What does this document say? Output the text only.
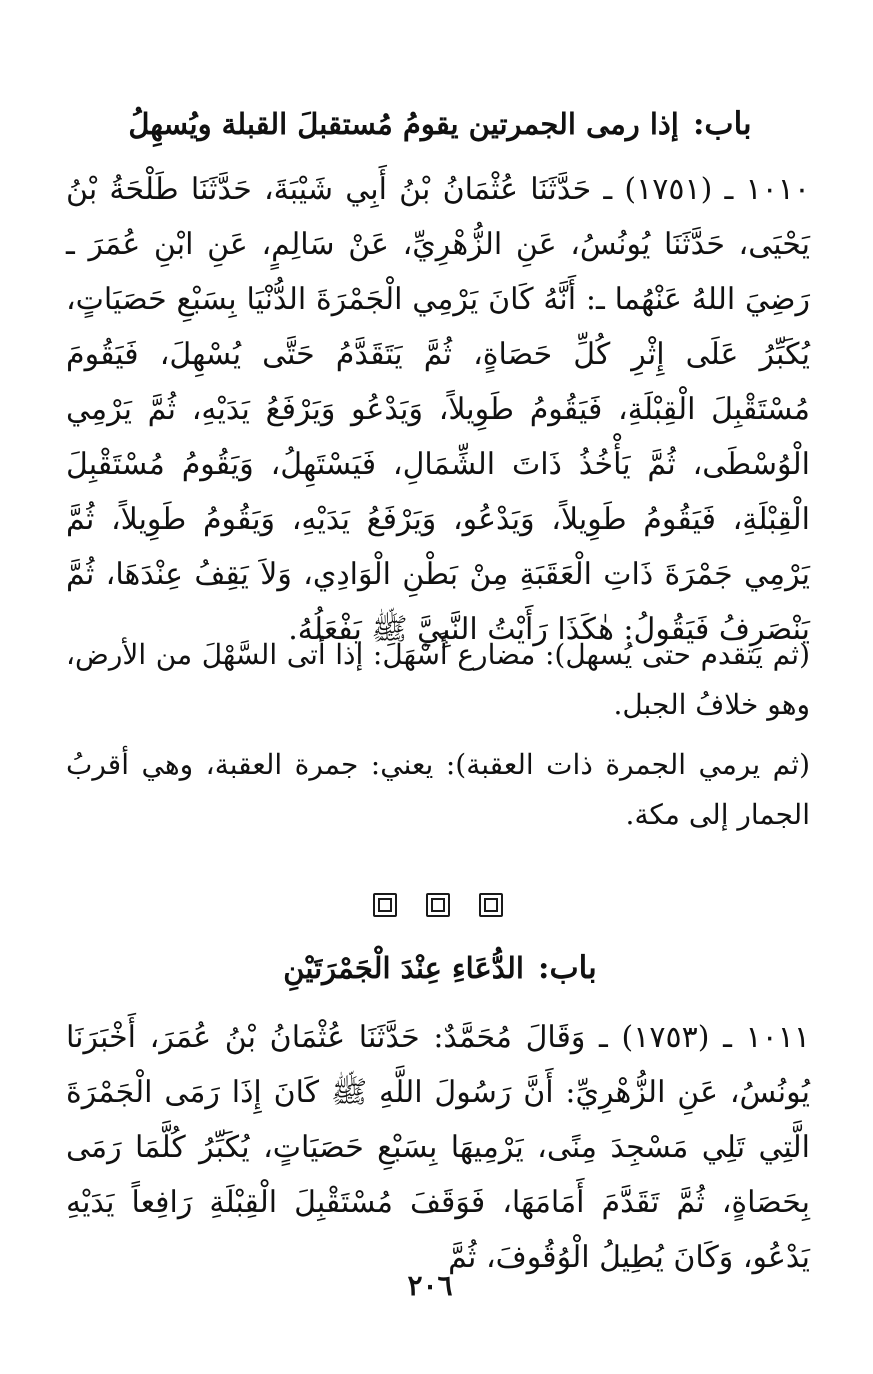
باب: إذا رمى الجمرتين يقومُ مُستقبلَ القبلة ويُسهِلُ

١٠١٠ ـ (١٧٥١) ـ حَدَّثَنَا عُثْمَانُ بْنُ أَبِي شَيْبَةَ، حَدَّثَنَا طَلْحَةُ بْنُ يَحْيَى، حَدَّثَنَا يُونُسُ، عَنِ الزُّهْرِيِّ، عَنْ سَالِمٍ، عَنِ ابْنِ عُمَرَ ـ رَضِيَ اللهُ عَنْهُما ـ: أَنَّهُ كَانَ يَرْمِي الْجَمْرَةَ الدُّنْيَا بِسَبْعِ حَصَيَاتٍ، يُكَبِّرُ عَلَى إِثْرِ كُلِّ حَصَاةٍ، ثُمَّ يَتَقَدَّمُ حَتَّى يُسْهِلَ، فَيَقُومَ مُسْتَقْبِلَ الْقِبْلَةِ، فَيَقُومُ طَوِيلاً، وَيَدْعُو وَيَرْفَعُ يَدَيْهِ، ثُمَّ يَرْمِي الْوُسْطَى، ثُمَّ يَأْخُذُ ذَاتَ الشِّمَالِ، فَيَسْتَهِلُ، وَيَقُومُ مُسْتَقْبِلَ الْقِبْلَةِ، فَيَقُومُ طَوِيلاً، وَيَدْعُو، وَيَرْفَعُ يَدَيْهِ، وَيَقُومُ طَوِيلاً، ثُمَّ يَرْمِي جَمْرَةَ ذَاتِ الْعَقَبَةِ مِنْ بَطْنِ الْوَادِي، وَلاَ يَقِفُ عِنْدَهَا، ثُمَّ يَنْصَرِفُ فَيَقُولُ: هٰكَذَا رَأَيْتُ النَّبِيَّ ﷺ يَفْعَلُهُ.

(ثم يتقدم حتى يُسهل): مضارع أَسْهَلَ: إذا أتى السَّهْلَ من الأرض، وهو خلافُ الجبل.

(ثم يرمي الجمرة ذات العقبة): يعني: جمرة العقبة، وهي أقربُ الجمار إلى مكة.

باب: الدُّعَاءِ عِنْدَ الْجَمْرَتَيْنِ

١٠١١ ـ (١٧٥٣) ـ وَقَالَ مُحَمَّدٌ: حَدَّثَنَا عُثْمَانُ بْنُ عُمَرَ، أَخْبَرَنَا يُونُسُ، عَنِ الزُّهْرِيِّ: أَنَّ رَسُولَ اللَّهِ ﷺ كَانَ إِذَا رَمَى الْجَمْرَةَ الَّتِي تَلِي مَسْجِدَ مِنًى، يَرْمِيهَا بِسَبْعِ حَصَيَاتٍ، يُكَبِّرُ كُلَّمَا رَمَى بِحَصَاةٍ، ثُمَّ تَقَدَّمَ أَمَامَهَا، فَوَقَفَ مُسْتَقْبِلَ الْقِبْلَةِ رَافِعاً يَدَيْهِ يَدْعُو، وَكَانَ يُطِيلُ الْوُقُوفَ، ثُمَّ

٢٠٦
